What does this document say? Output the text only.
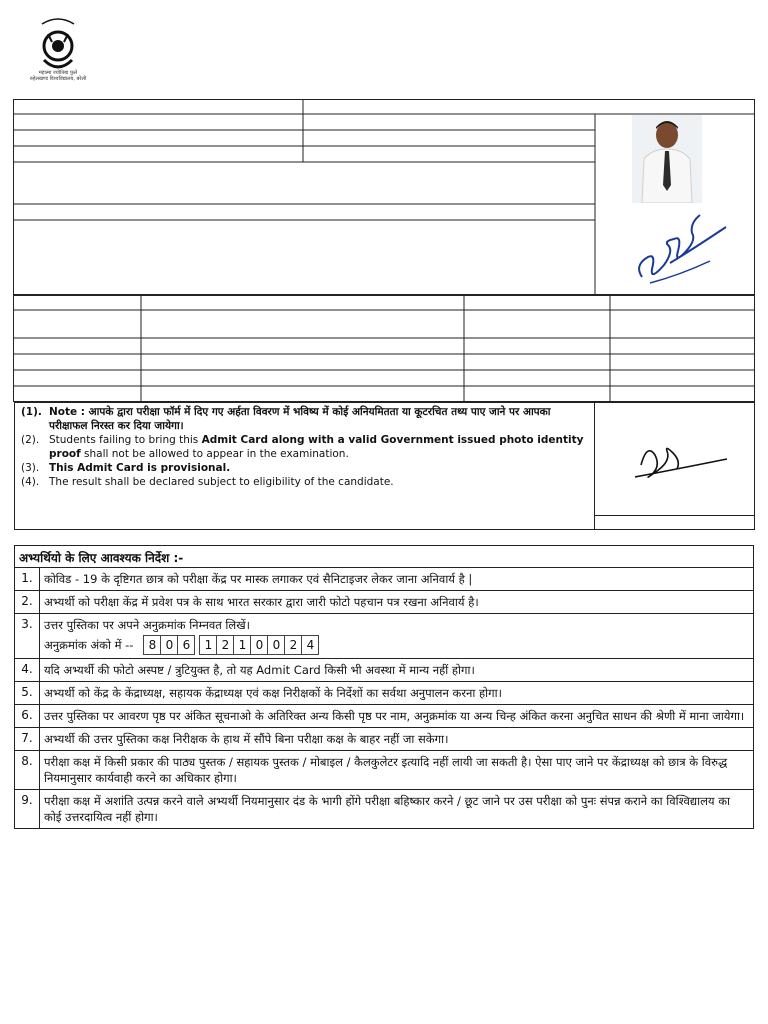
महात्मा ज्योतिबा फुले
रुहेलखण्ड विश्वविद्यालय, बरेली

(1). Note : आपके द्वारा परीक्षा फॉर्म में दिए गए अर्हता विवरण में भविष्य में कोई अनियमितता या कूटरचित तथ्य पाए जाने पर आपका परीक्षाफल निरस्त कर दिया जायेगा।

(2). Students failing to bring this Admit Card along with a valid Government issued photo identity proof shall not be allowed to appear in the examination.

(3). This Admit Card is provisional.

(4). The result shall be declared subject to eligibility of the candidate.

अभ्यर्थियो के लिए आवश्यक निर्देश :-
1. कोविड - 19 के दृष्टिगत छात्र को परीक्षा केंद्र पर मास्क लगाकर एवं सैनिटाइजर लेकर जाना अनिवार्य है |
2. अभ्यर्थी को परीक्षा केंद्र में प्रवेश पत्र के साथ भारत सरकार द्वारा जारी फोटो पहचान पत्र रखना अनिवार्य है।
3. उत्तर पुस्तिका पर अपने अनुक्रमांक निम्नवत लिखें।
अनुक्रमांक अंको में --	8 0 6	1 2 1 0 0 2 4
4. यदि अभ्यर्थी की फोटो अस्पष्ट / त्रुटियुक्त है, तो यह Admit Card किसी भी अवस्था में मान्य नहीं होगा।
5. अभ्यर्थी को केंद्र के केंद्राध्यक्ष, सहायक केंद्राध्यक्ष एवं कक्ष निरीक्षकों के निर्देशों का सर्वथा अनुपालन करना होगा।
6. उत्तर पुस्तिका पर आवरण पृष्ठ पर अंकित सूचनाओ के अतिरिक्त अन्य किसी पृष्ठ पर नाम, अनुक्रमांक या अन्य चिन्ह अंकित करना अनुचित साधन की श्रेणी में माना जायेगा।
7. अभ्यर्थी की उत्तर पुस्तिका कक्ष निरीक्षक के हाथ में सौंपे बिना परीक्षा कक्ष के बाहर नहीं जा सकेगा।
8. परीक्षा कक्ष में किसी प्रकार की पाठ्य पुस्तक / सहायक पुस्तक / मोबाइल / कैलकुलेटर इत्यादि नहीं लायी जा सकती है। ऐसा पाए जाने पर केंद्राध्यक्ष को छात्र के विरुद्ध नियमानुसार कार्यवाही करने का अधिकार होगा।
9. परीक्षा कक्ष में अशांति उत्पन्न करने वाले अभ्यर्थी नियमानुसार दंड के भागी होंगे परीक्षा बहिष्कार करने / छूट जाने पर उस परीक्षा को पुनः संपन्न कराने का विश्विद्यालय का कोई उत्तरदायित्व नहीं होगा।
